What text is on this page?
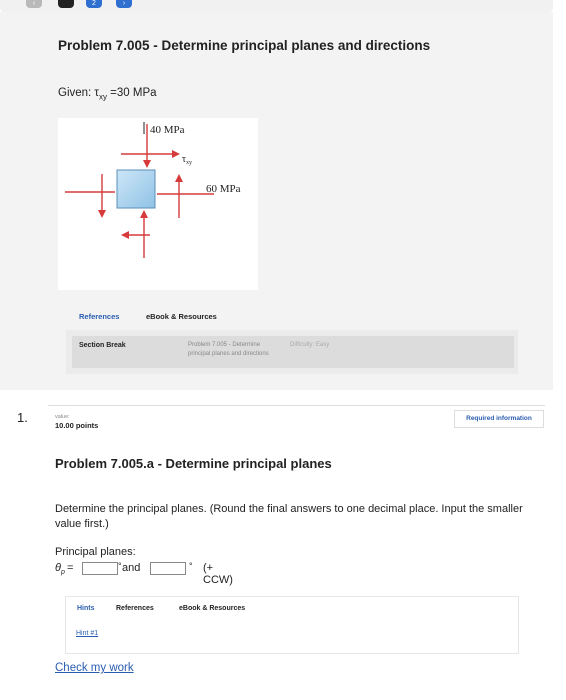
‹	2	›
Problem 7.005 - Determine principal planes and directions
Given: $\tau_{xy} =30$ MPa
40 MPa
$\tau_{xy}$
60 MPa
References	eBook & Resources
Section Break	Problem 7.005 - Determine
principal planes and directions
Difficulty: Easy
1.	value:
10.00 points
Required information
Problem 7.005.a - Determine principal planes
Determine the principal planes. (Round the final answers to one decimal place. Input the smaller value first.)
Principal planes:
$\theta_p$ =	° and	° (+ CCW)
Hints	References	eBook & Resources
Hint #1
Check my work
